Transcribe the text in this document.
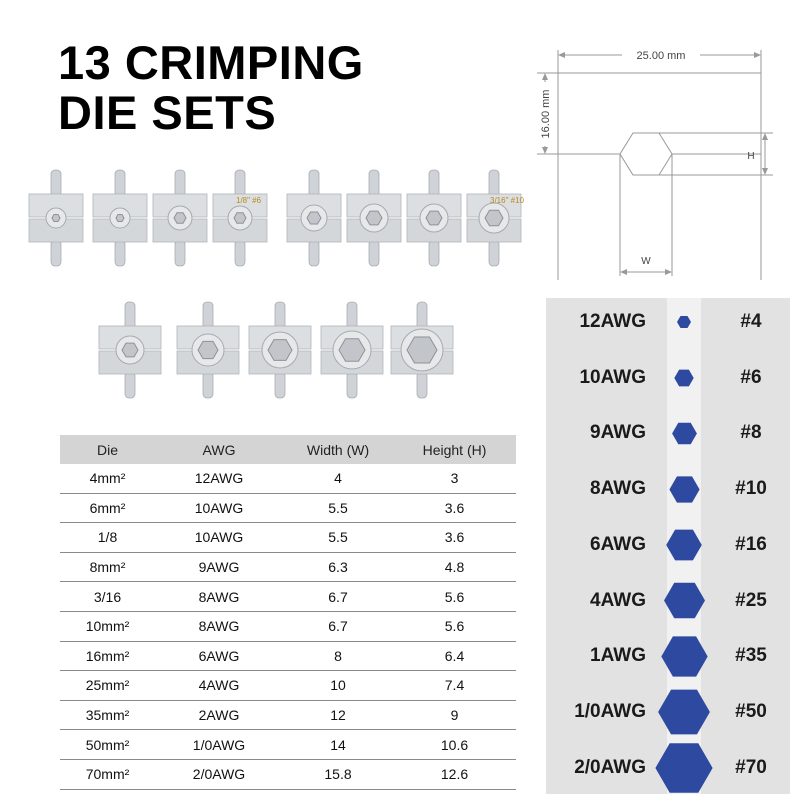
13 CRIMPING
DIE SETS
1/8" #6	3/16" #10
25.00 mm
16.00 mm
H
W
Die	AWG	Width (W)	Height (H)
4mm²	12AWG	4	3
6mm²	10AWG	5.5	3.6
1/8	10AWG	5.5	3.6
8mm²	9AWG	6.3	4.8
3/16	8AWG	6.7	5.6
10mm²	8AWG	6.7	5.6
16mm²	6AWG	8	6.4
25mm²	4AWG	10	7.4
35mm²	2AWG	12	9
50mm²	1/0AWG	14	10.6
70mm²	2/0AWG	15.8	12.6
12AWG	#4
10AWG	#6
9AWG	#8
8AWG	#10
6AWG	#16
4AWG	#25
1AWG	#35
1/0AWG	#50
2/0AWG	#70
